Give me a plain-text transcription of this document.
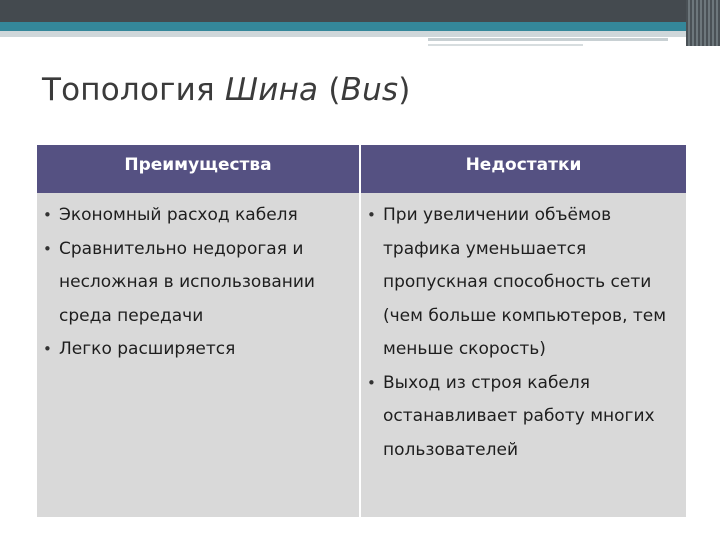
Топология Шина (Bus)
Преимущества	Недостатки
• Экономный расход кабеля
• Сравнительно недорогая и несложная в использовании среда передачи
• Легко расширяется
• При увеличении объёмов трафика уменьшается пропускная способность сети (чем больше компьютеров, тем меньше скорость)
• Выход из строя кабеля останавливает работу многих пользователей
